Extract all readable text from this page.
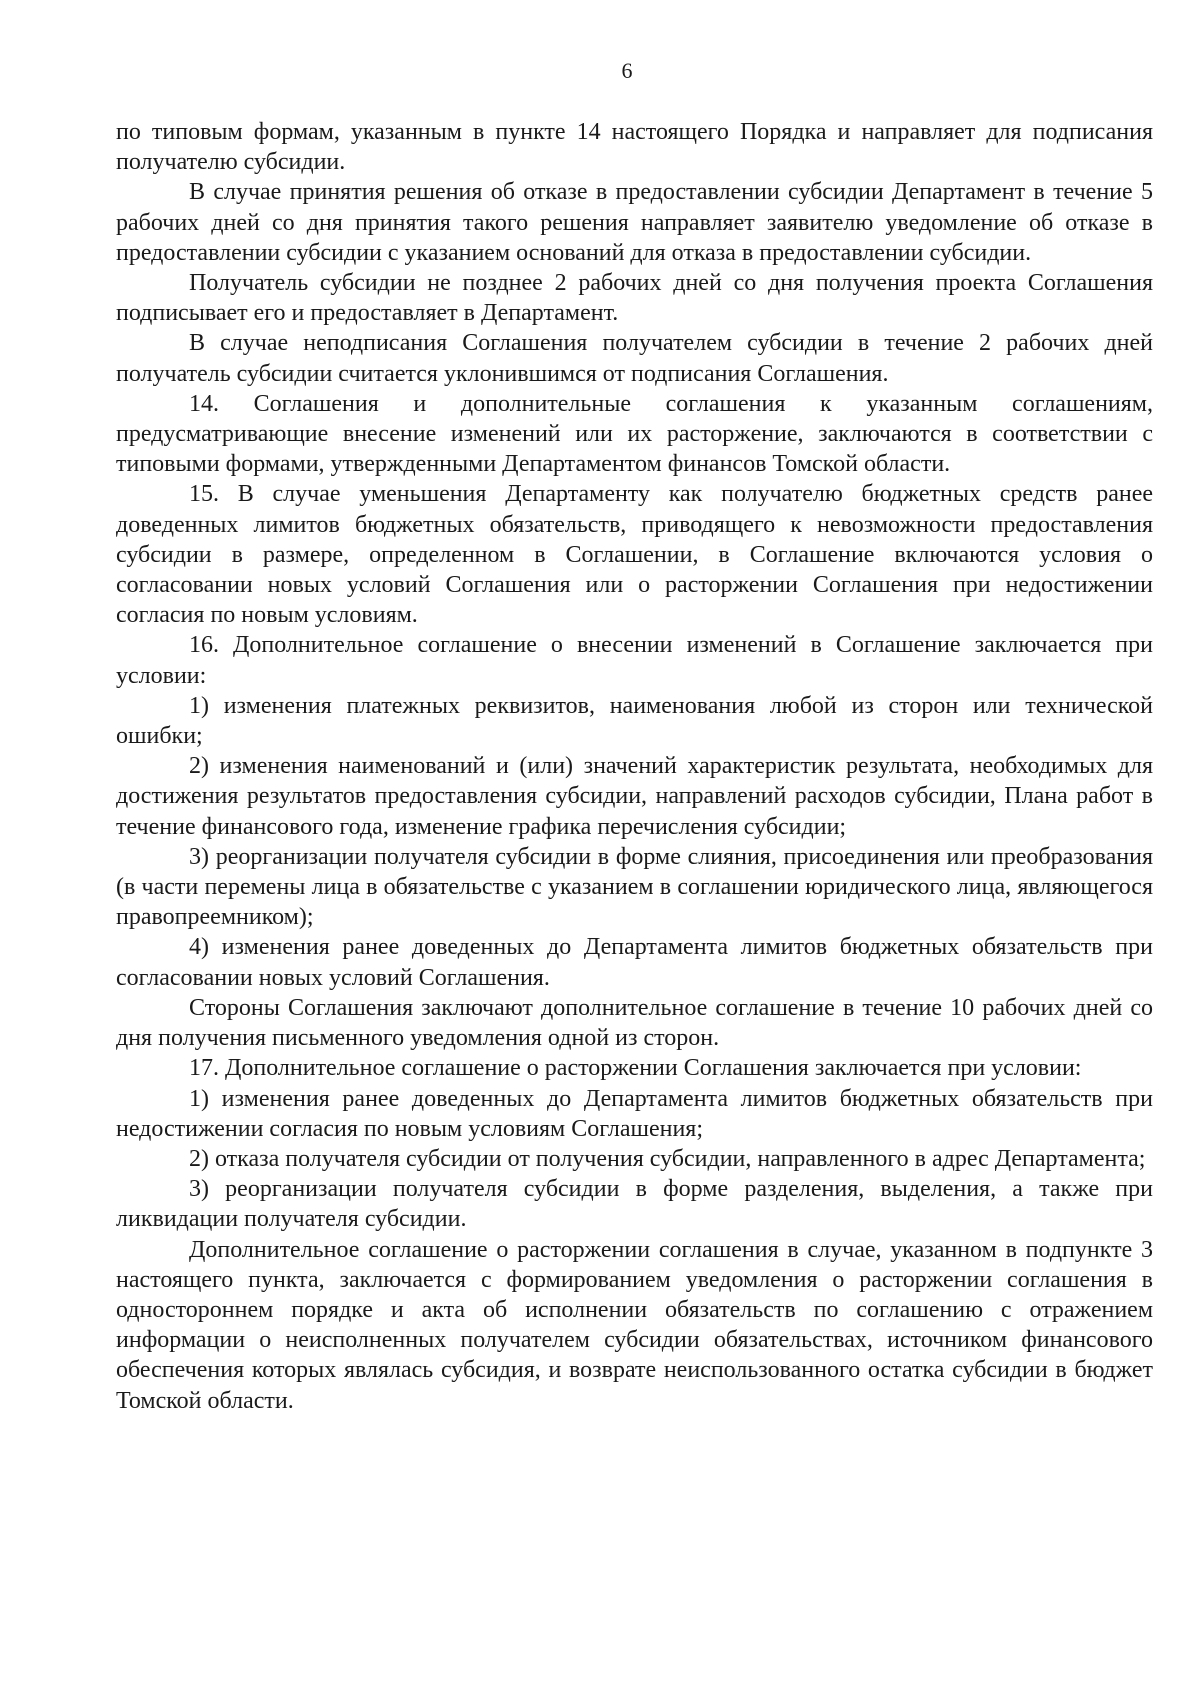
6

по типовым формам, указанным в пункте 14 настоящего Порядка и направляет для подписания получателю субсидии.

В случае принятия решения об отказе в предоставлении субсидии Департамент в течение 5 рабочих дней со дня принятия такого решения направляет заявителю уведомление об отказе в предоставлении субсидии с указанием оснований для отказа в предоставлении субсидии.

Получатель субсидии не позднее 2 рабочих дней со дня получения проекта Соглашения подписывает его и предоставляет в Департамент.

В случае неподписания Соглашения получателем субсидии в течение 2 рабочих дней получатель субсидии считается уклонившимся от подписания Соглашения.

14. Соглашения и дополнительные соглашения к указанным соглашениям, предусматривающие внесение изменений или их расторжение, заключаются в соответствии с типовыми формами, утвержденными Департаментом финансов Томской области.

15. В случае уменьшения Департаменту как получателю бюджетных средств ранее доведенных лимитов бюджетных обязательств, приводящего к невозможности предоставления субсидии в размере, определенном в Соглашении, в Соглашение включаются условия о согласовании новых условий Соглашения или о расторжении Соглашения при недостижении согласия по новым условиям.

16. Дополнительное соглашение о внесении изменений в Соглашение заключается при условии:

1) изменения платежных реквизитов, наименования любой из сторон или технической ошибки;

2) изменения наименований и (или) значений характеристик результата, необходимых для достижения результатов предоставления субсидии, направлений расходов субсидии, Плана работ в течение финансового года, изменение графика перечисления субсидии;

3) реорганизации получателя субсидии в форме слияния, присоединения или преобразования (в части перемены лица в обязательстве с указанием в соглашении юридического лица, являющегося правопреемником);

4) изменения ранее доведенных до Департамента лимитов бюджетных обязательств при согласовании новых условий Соглашения.

Стороны Соглашения заключают дополнительное соглашение в течение 10 рабочих дней со дня получения письменного уведомления одной из сторон.

17. Дополнительное соглашение о расторжении Соглашения заключается при условии:

1) изменения ранее доведенных до Департамента лимитов бюджетных обязательств при недостижении согласия по новым условиям Соглашения;

2) отказа получателя субсидии от получения субсидии, направленного в адрес Департамента;

3) реорганизации получателя субсидии в форме разделения, выделения, а также при ликвидации получателя субсидии.

Дополнительное соглашение о расторжении соглашения в случае, указанном в подпункте 3 настоящего пункта, заключается с формированием уведомления о расторжении соглашения в одностороннем порядке и акта об исполнении обязательств по соглашению с отражением информации о неисполненных получателем субсидии обязательствах, источником финансового обеспечения которых являлась субсидия, и возврате неиспользованного остатка субсидии в бюджет Томской области.
